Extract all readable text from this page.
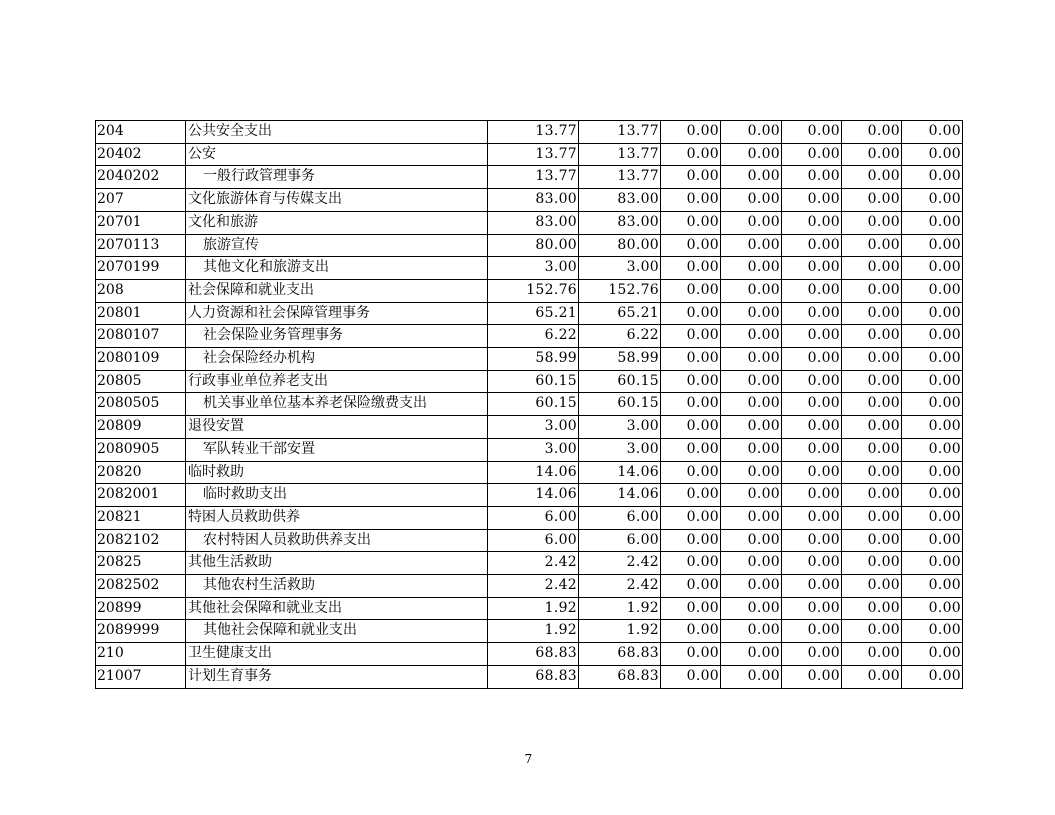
204	公共安全支出	13.77	13.77	0.00	0.00	0.00	0.00	0.00
20402	公安	13.77	13.77	0.00	0.00	0.00	0.00	0.00
2040202	一般行政管理事务	13.77	13.77	0.00	0.00	0.00	0.00	0.00
207	文化旅游体育与传媒支出	83.00	83.00	0.00	0.00	0.00	0.00	0.00
20701	文化和旅游	83.00	83.00	0.00	0.00	0.00	0.00	0.00
2070113	旅游宣传	80.00	80.00	0.00	0.00	0.00	0.00	0.00
2070199	其他文化和旅游支出	3.00	3.00	0.00	0.00	0.00	0.00	0.00
208	社会保障和就业支出	152.76	152.76	0.00	0.00	0.00	0.00	0.00
20801	人力资源和社会保障管理事务	65.21	65.21	0.00	0.00	0.00	0.00	0.00
2080107	社会保险业务管理事务	6.22	6.22	0.00	0.00	0.00	0.00	0.00
2080109	社会保险经办机构	58.99	58.99	0.00	0.00	0.00	0.00	0.00
20805	行政事业单位养老支出	60.15	60.15	0.00	0.00	0.00	0.00	0.00
2080505	机关事业单位基本养老保险缴费支出	60.15	60.15	0.00	0.00	0.00	0.00	0.00
20809	退役安置	3.00	3.00	0.00	0.00	0.00	0.00	0.00
2080905	军队转业干部安置	3.00	3.00	0.00	0.00	0.00	0.00	0.00
20820	临时救助	14.06	14.06	0.00	0.00	0.00	0.00	0.00
2082001	临时救助支出	14.06	14.06	0.00	0.00	0.00	0.00	0.00
20821	特困人员救助供养	6.00	6.00	0.00	0.00	0.00	0.00	0.00
2082102	农村特困人员救助供养支出	6.00	6.00	0.00	0.00	0.00	0.00	0.00
20825	其他生活救助	2.42	2.42	0.00	0.00	0.00	0.00	0.00
2082502	其他农村生活救助	2.42	2.42	0.00	0.00	0.00	0.00	0.00
20899	其他社会保障和就业支出	1.92	1.92	0.00	0.00	0.00	0.00	0.00
2089999	其他社会保障和就业支出	1.92	1.92	0.00	0.00	0.00	0.00	0.00
210	卫生健康支出	68.83	68.83	0.00	0.00	0.00	0.00	0.00
21007	计划生育事务	68.83	68.83	0.00	0.00	0.00	0.00	0.00
7
